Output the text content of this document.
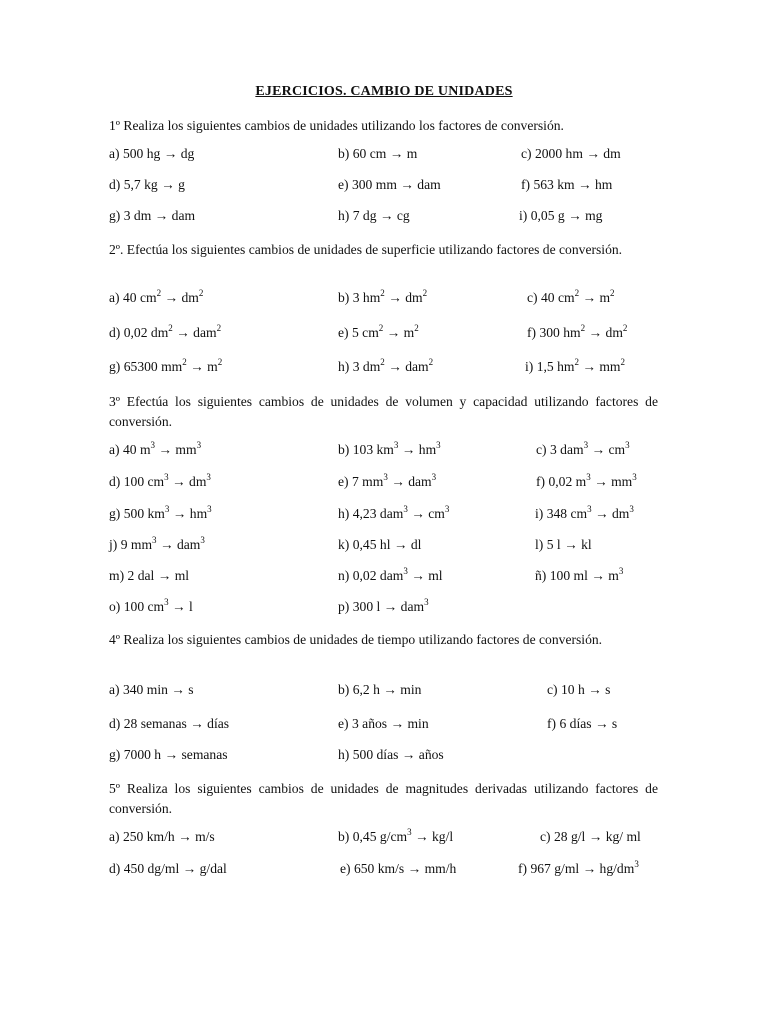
EJERCICIOS. CAMBIO DE UNIDADES
1º Realiza los siguientes cambios de unidades utilizando los factores de conversión.
a) 500 hg → dg	b) 60 cm → m	c) 2000 hm → dm
d) 5,7 kg → g	e) 300 mm → dam	f) 563 km → hm
g) 3 dm → dam	h) 7 dg → cg	i) 0,05 g → mg
2º. Efectúa los siguientes cambios de unidades de superficie utilizando factores de conversión.
a) 40 $cm^2 \to dm^2$	b) 3 $hm^2 \to dm^2$	c) 40 $cm^2 \to m^2$
d) 0,02 $dm^2 \to dam^2$	e) 5 $cm^2 \to m^2$	f) 300 $hm^2 \to dm^2$
g) 65300 $mm^2 \to m^2$	h) 3 $dm^2 \to dam^2$	i) 1,5 $hm^2 \to mm^2$
3º Efectúa los siguientes cambios de unidades de volumen y capacidad utilizando factores de conversión.
a) 40 $m^3 \to mm^3$	b) 103 $km^3 \to hm^3$	c) 3 $dam^3 \to cm^3$
d) 100 $cm^3 \to dm^3$	e) 7 $mm^3 \to dam^3$	f) 0,02 $m^3 \to mm^3$
g) 500 $km^3 \to hm^3$	h) 4,23 $dam^3 \to cm^3$	i) 348 $cm^3 \to dm^3$
j) 9 $mm^3 \to dam^3$	k) 0,45 hl → dl	l) 5 l → kl
m) 2 dal → ml	n) 0,02 dam$^3$ → ml	ñ) 100 ml → $m^3$
o) 100 $cm^3 \to l$	p) 300 l → dam$^3$
4º Realiza los siguientes cambios de unidades de tiempo utilizando factores de conversión.
a) 340 min → s	b) 6,2 h → min	c) 10 h → s
d) 28 semanas → días	e) 3 años → min	f) 6 días → s
g) 7000 h → semanas	h) 500 días → años
5º Realiza los siguientes cambios de unidades de magnitudes derivadas utilizando factores de conversión.
a) 250 km/h → m/s	b) 0,45 $g/cm^3 \to kg/l$	c) 28 g/l → kg/ ml
d) 450 dg/ml → g/dal	e) 650 km/s → mm/h	f) 967 $g/ml \to hg/dm^3$
